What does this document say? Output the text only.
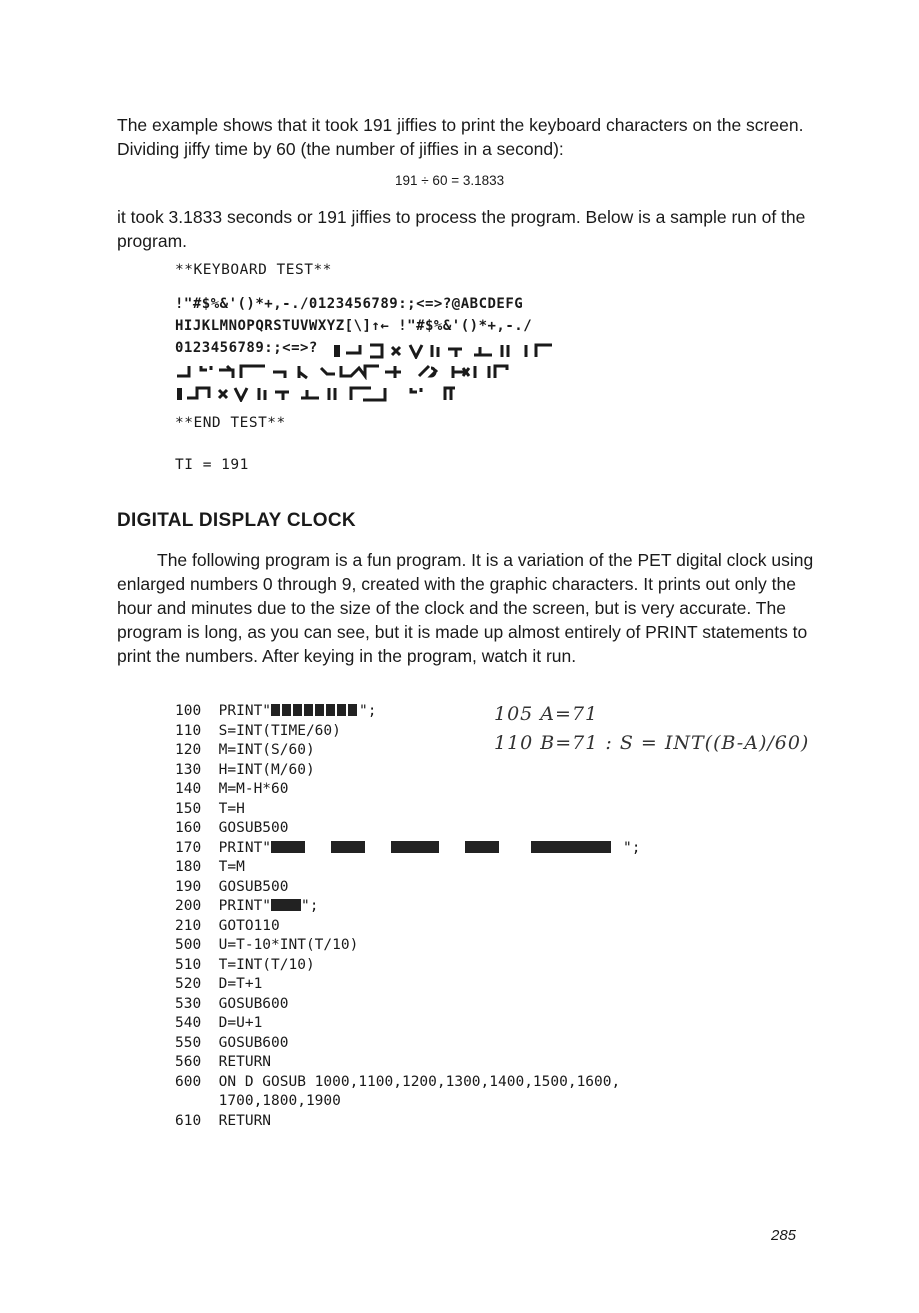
The example shows that it took 191 jiffies to print the keyboard characters on the screen. Dividing jiffy time by 60 (the number of jiffies in a second):
191 ÷ 60 = 3.1833
it took 3.1833 seconds or 191 jiffies to process the program. Below is a sample run of the program.
**KEYBOARD TEST**
!"#$%&'()*+,-./0123456789:;<=>?@ABCDEFG
HIJKLMNOPQRSTUVWXYZ[\]↑← !"#$%&'()*+,-./
0123456789:;<=>?
**END TEST**
TI = 191
DIGITAL DISPLAY CLOCK
The following program is a fun program. It is a variation of the PET digital clock using enlarged numbers 0 through 9, created with the graphic characters. It prints out only the hour and minutes due to the size of the clock and the screen, but is very accurate. The program is long, as you can see, but it is made up almost entirely of PRINT statements to print the numbers. After keying in the program, watch it run.
100  PRINT"	";
110  S=INT(TIME/60)
120  M=INT(S/60)
130  H=INT(M/60)
140  M=M-H*60
150  T=H
160  GOSUB500
170  PRINT"	";
180  T=M
190  GOSUB500
200  PRINT" ";
210  GOTO110
500  U=T-10*INT(T/10)
510  T=INT(T/10)
520  D=T+1
530  GOSUB600
540  D=U+1
550  GOSUB600
560  RETURN
600  ON D GOSUB 1000,1100,1200,1300,1400,1500,1600,
1700,1800,1900
610  RETURN
105 A=71
110 B=71 : S = INT((B-A)/60)
285
